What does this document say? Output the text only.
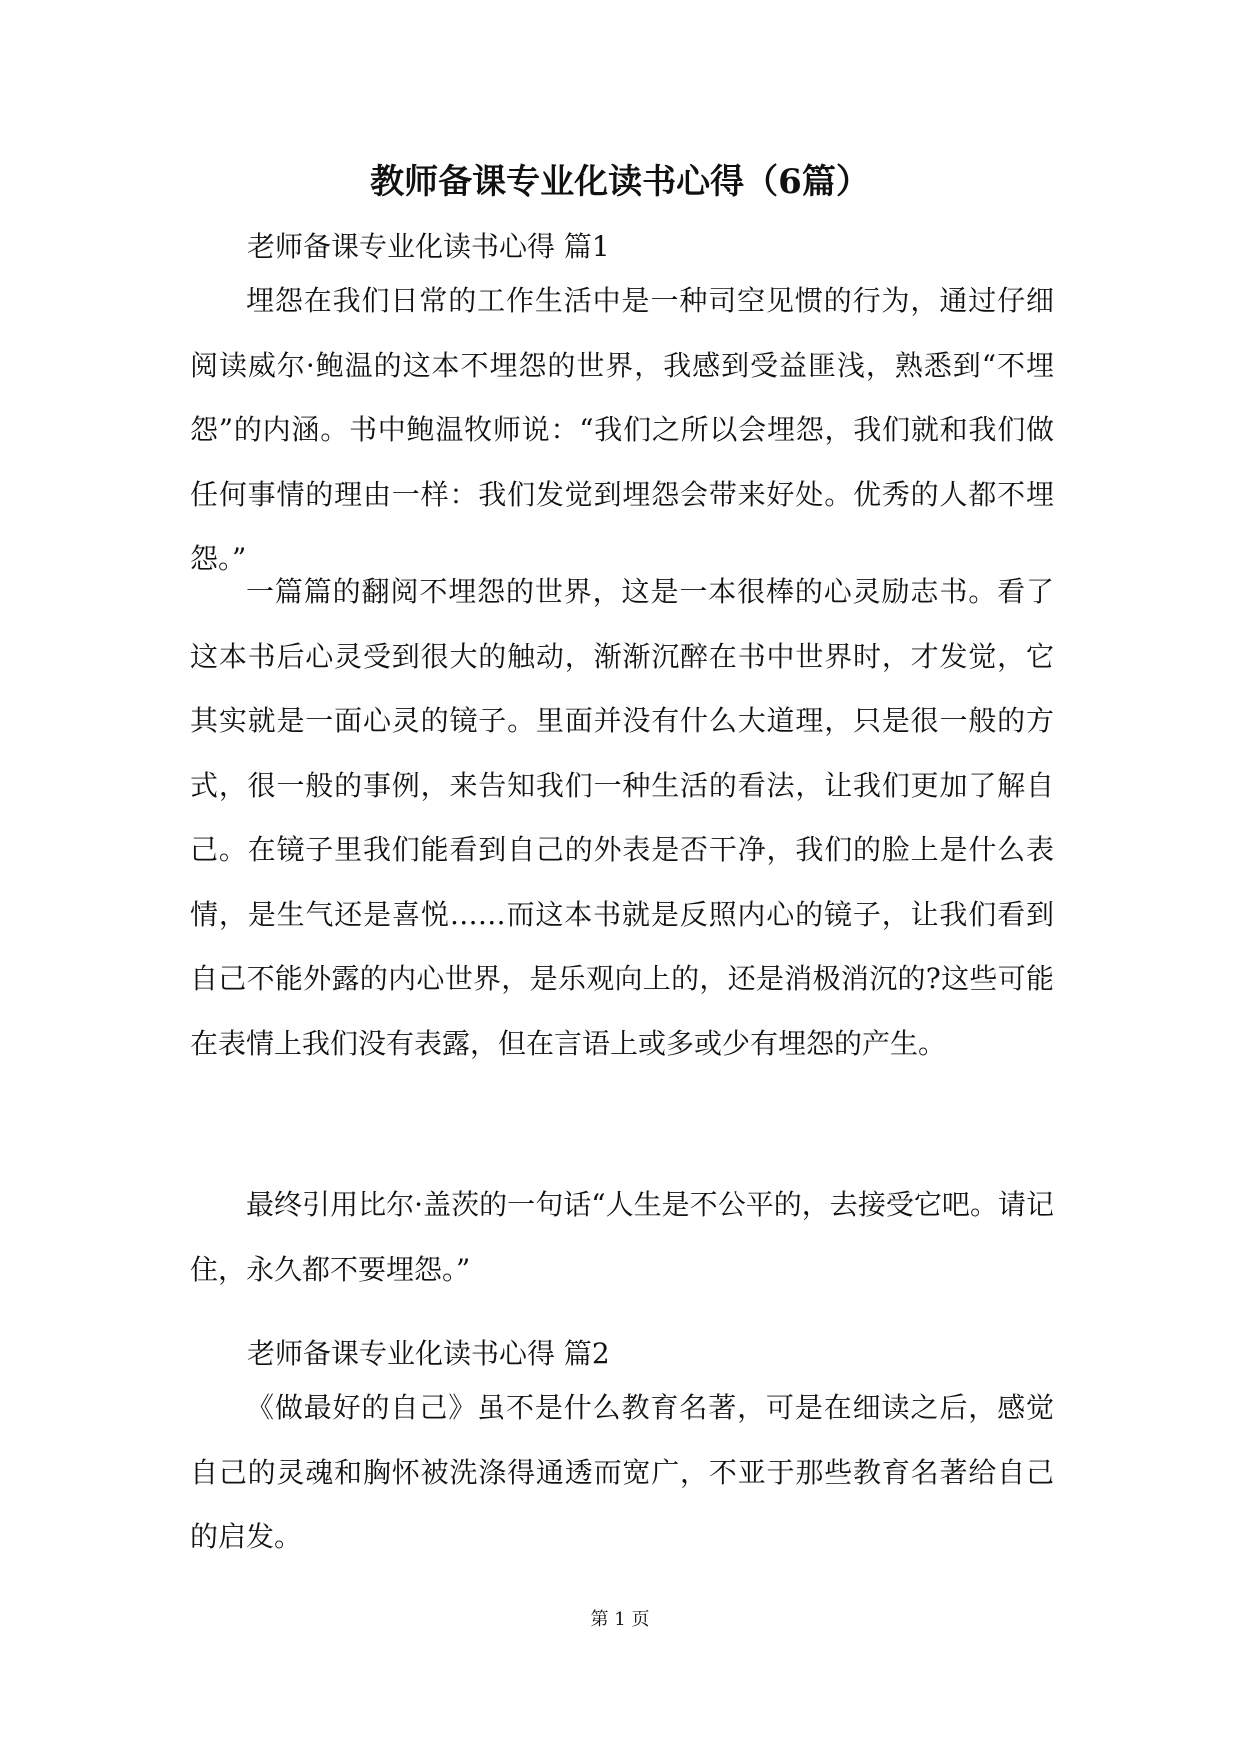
教师备课专业化读书心得（6篇）
老师备课专业化读书心得 篇1

埋怨在我们日常的工作生活中是一种司空见惯的行为，通过仔细阅读威尔·鲍温的这本不埋怨的世界，我感到受益匪浅，熟悉到“不埋怨”的内涵。书中鲍温牧师说：“我们之所以会埋怨，我们就和我们做任何事情的理由一样：我们发觉到埋怨会带来好处。优秀的人都不埋怨。”

一篇篇的翻阅不埋怨的世界，这是一本很棒的心灵励志书。看了这本书后心灵受到很大的触动，渐渐沉醉在书中世界时，才发觉，它其实就是一面心灵的镜子。里面并没有什么大道理，只是很一般的方式，很一般的事例，来告知我们一种生活的看法，让我们更加了解自己。在镜子里我们能看到自己的外表是否干净，我们的脸上是什么表情，是生气还是喜悦……而这本书就是反照内心的镜子，让我们看到自己不能外露的内心世界，是乐观向上的，还是消极消沉的?这些可能在表情上我们没有表露，但在言语上或多或少有埋怨的产生。

最终引用比尔·盖茨的一句话“人生是不公平的，去接受它吧。请记住，永久都不要埋怨。”

老师备课专业化读书心得 篇2

《做最好的自己》虽不是什么教育名著，可是在细读之后，感觉自己的灵魂和胸怀被洗涤得通透而宽广，不亚于那些教育名著给自己的启发。

第 1 页
